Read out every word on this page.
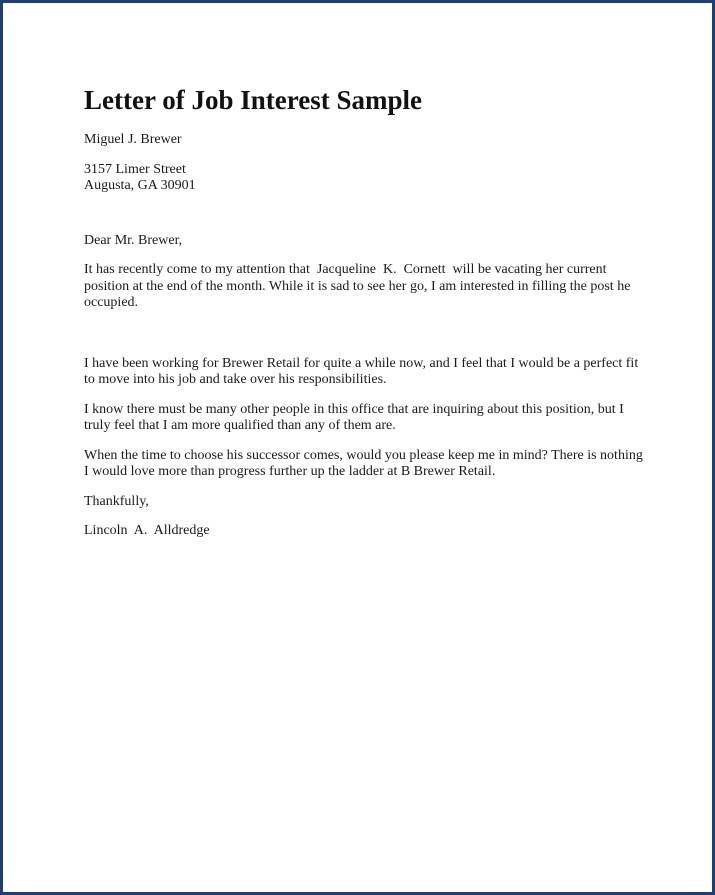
Letter of Job Interest Sample

Miguel J. Brewer

3157 Limer Street

Augusta, GA 30901

Dear Mr. Brewer,

It has recently come to my attention that  Jacqueline  K.  Cornett  will be vacating her current position at the end of the month. While it is sad to see her go, I am interested in filling the post he occupied.

I have been working for Brewer Retail for quite a while now, and I feel that I would be a perfect fit to move into his job and take over his responsibilities.

I know there must be many other people in this office that are inquiring about this position, but I truly feel that I am more qualified than any of them are.

When the time to choose his successor comes, would you please keep me in mind? There is nothing I would love more than progress further up the ladder at B Brewer Retail.

Thankfully,

Lincoln  A.  Alldredge
